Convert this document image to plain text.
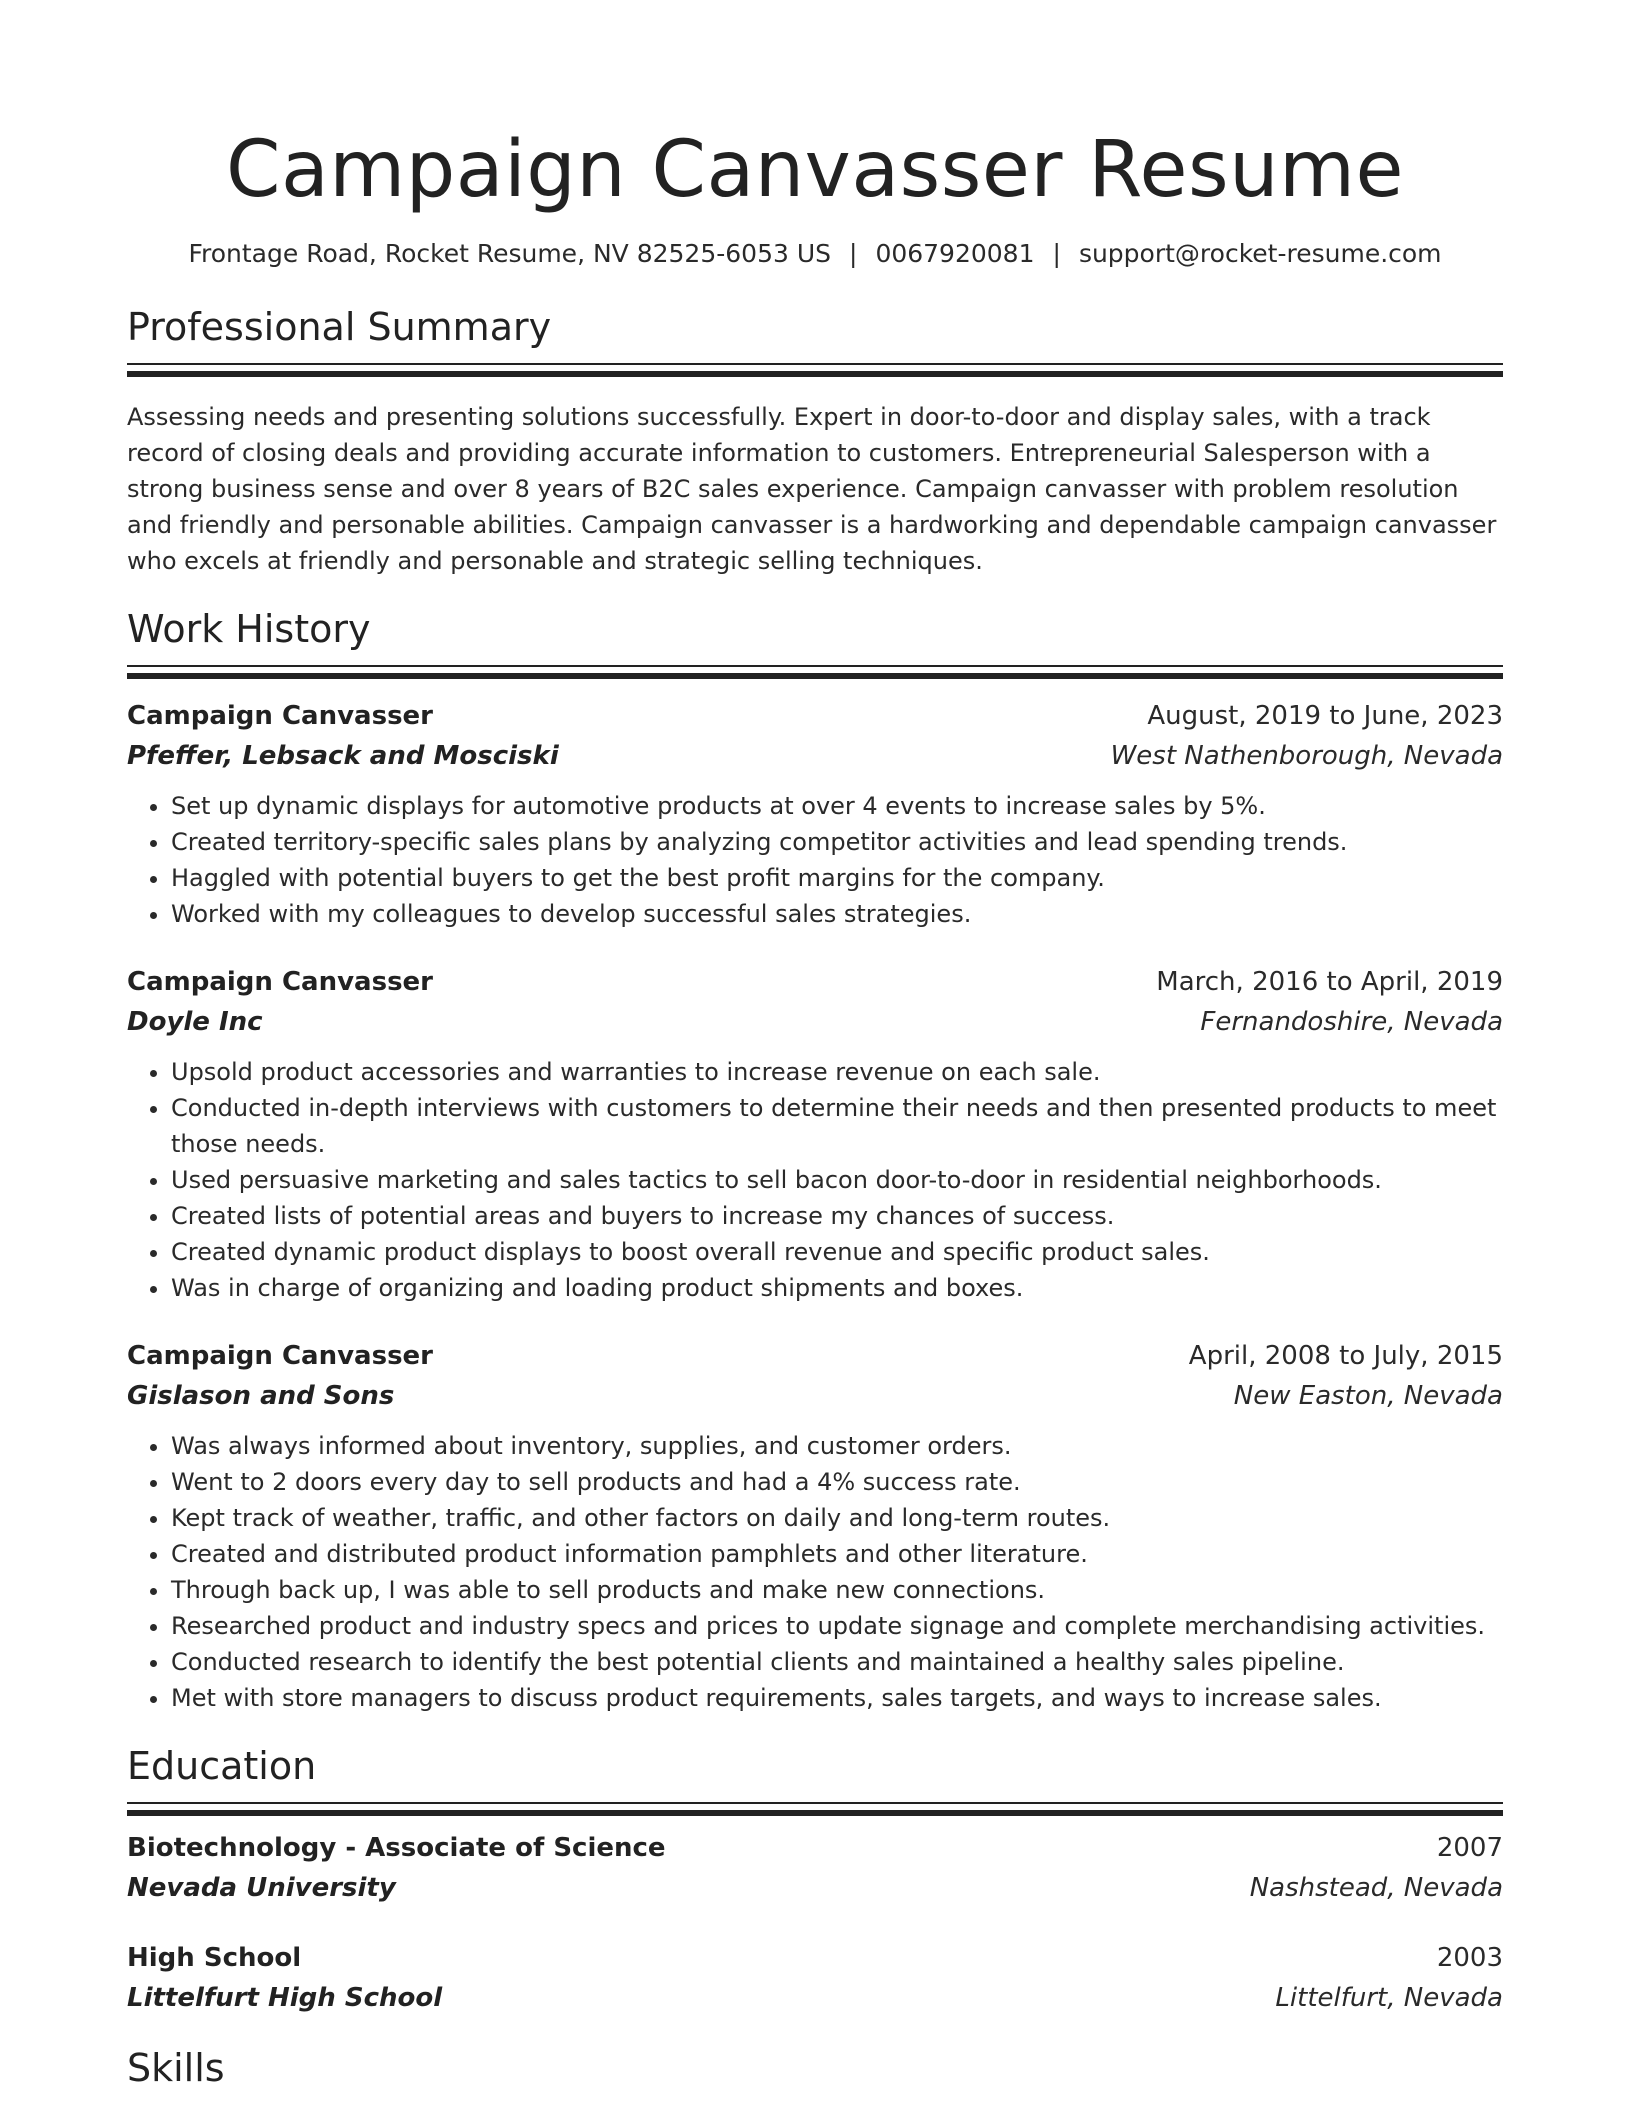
Campaign Canvasser Resume
Frontage Road, Rocket Resume, NV 82525-6053 US | 0067920081 | support@rocket-resume.com
Professional Summary

Assessing needs and presenting solutions successfully. Expert in door-to-door and display sales, with a track record of closing deals and providing accurate information to customers. Entrepreneurial Salesperson with a strong business sense and over 8 years of B2C sales experience. Campaign canvasser with problem resolution and friendly and personable abilities. Campaign canvasser is a hardworking and dependable campaign canvasser who excels at friendly and personable and strategic selling techniques.

Work History
Campaign Canvasser	August, 2019 to June, 2023
Pfeffer, Lebsack and Mosciski	West Nathenborough, Nevada
• Set up dynamic displays for automotive products at over 4 events to increase sales by 5%.
• Created territory-specific sales plans by analyzing competitor activities and lead spending trends.
• Haggled with potential buyers to get the best profit margins for the company.
• Worked with my colleagues to develop successful sales strategies.
Campaign Canvasser	March, 2016 to April, 2019
Doyle Inc	Fernandoshire, Nevada
• Upsold product accessories and warranties to increase revenue on each sale.
• Conducted in-depth interviews with customers to determine their needs and then presented products to meet those needs.
• Used persuasive marketing and sales tactics to sell bacon door-to-door in residential neighborhoods.
• Created lists of potential areas and buyers to increase my chances of success.
• Created dynamic product displays to boost overall revenue and specific product sales.
• Was in charge of organizing and loading product shipments and boxes.
Campaign Canvasser	April, 2008 to July, 2015
Gislason and Sons	New Easton, Nevada
• Was always informed about inventory, supplies, and customer orders.
• Went to 2 doors every day to sell products and had a 4% success rate.
• Kept track of weather, traffic, and other factors on daily and long-term routes.
• Created and distributed product information pamphlets and other literature.
• Through back up, I was able to sell products and make new connections.
• Researched product and industry specs and prices to update signage and complete merchandising activities.
• Conducted research to identify the best potential clients and maintained a healthy sales pipeline.
• Met with store managers to discuss product requirements, sales targets, and ways to increase sales.
Education
Biotechnology - Associate of Science	2007
Nevada University	Nashstead, Nevada
High School	2003
Littelfurt High School	Littelfurt, Nevada
Skills
